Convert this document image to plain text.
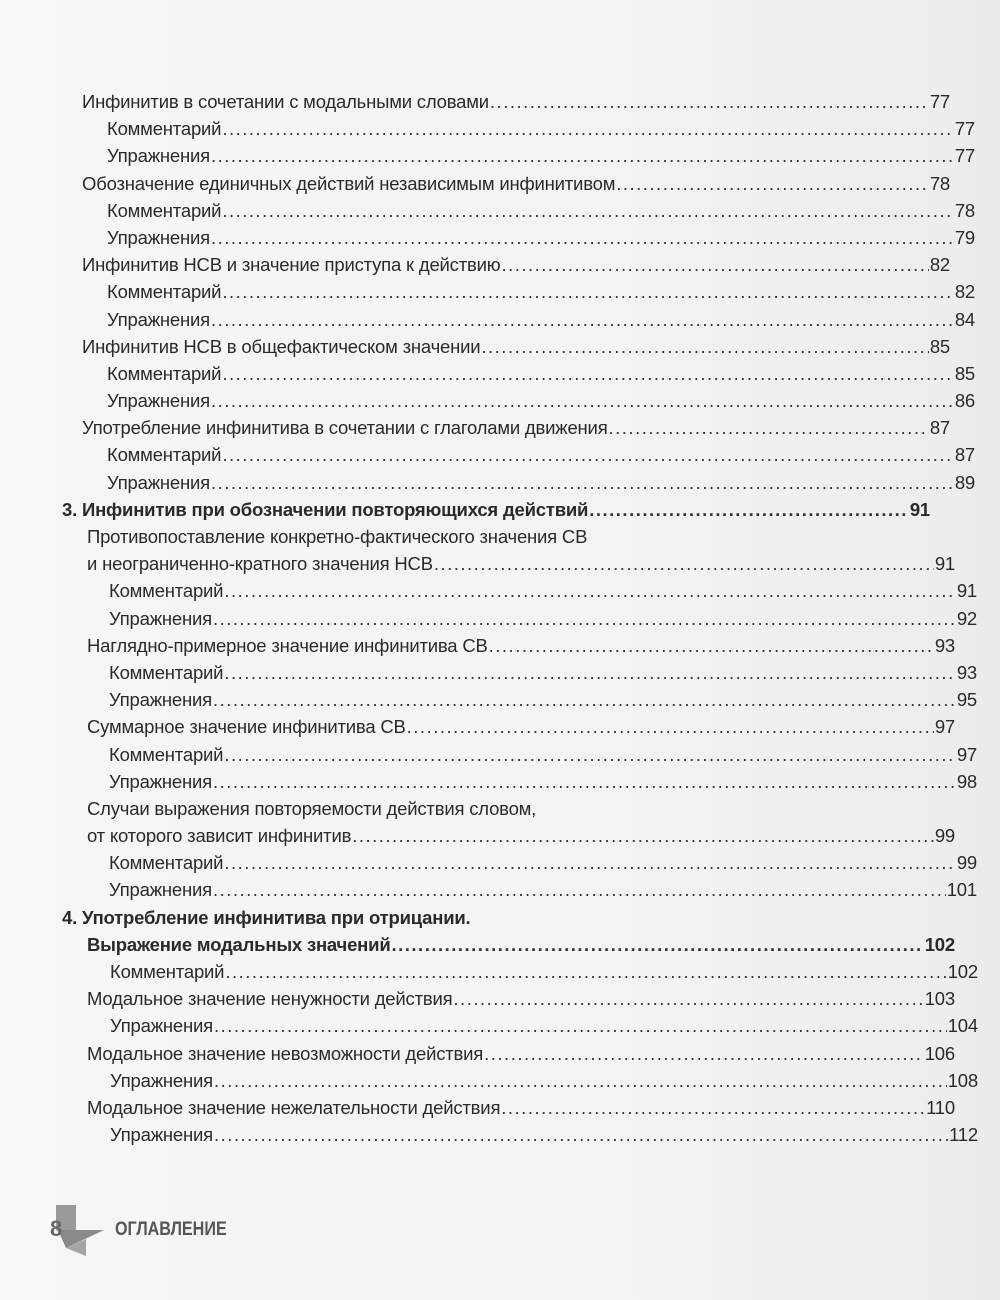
Инфинитив в сочетании с модальными словами .....	77
Комментарий .....	77
Упражнения .....	77
Обозначение единичных действий независимым инфинитивом .....	78
Комментарий .....	78
Упражнения .....	79
Инфинитив НСВ и значение приступа к действию .....	82
Комментарий .....	82
Упражнения .....	84
Инфинитив НСВ в общефактическом значении .....	85
Комментарий .....	85
Упражнения .....	86
Употребление инфинитива в сочетании с глаголами движения .....	87
Комментарий .....	87
Упражнения .....	89
3. Инфинитив при обозначении повторяющихся действий .....	91
Противопоставление конкретно-фактического значения СВ
и неограниченно-кратного значения НСВ .....	91
Комментарий .....	91
Упражнения .....	92
Наглядно-примерное значение инфинитива СВ .....	93
Комментарий .....	93
Упражнения .....	95
Суммарное значение инфинитива СВ .....	97
Комментарий .....	97
Упражнения .....	98
Случаи выражения повторяемости действия словом,
от которого зависит инфинитив .....	99
Комментарий .....	99
Упражнения .....	101
4. Употребление инфинитива при отрицании.
Выражение модальных значений .....	102
Комментарий .....	102
Модальное значение ненужности действия .....	103
Упражнения .....	104
Модальное значение невозможности действия .....	106
Упражнения .....	108
Модальное значение нежелательности действия .....	110
Упражнения .....	112
8	ОГЛАВЛЕНИЕ
